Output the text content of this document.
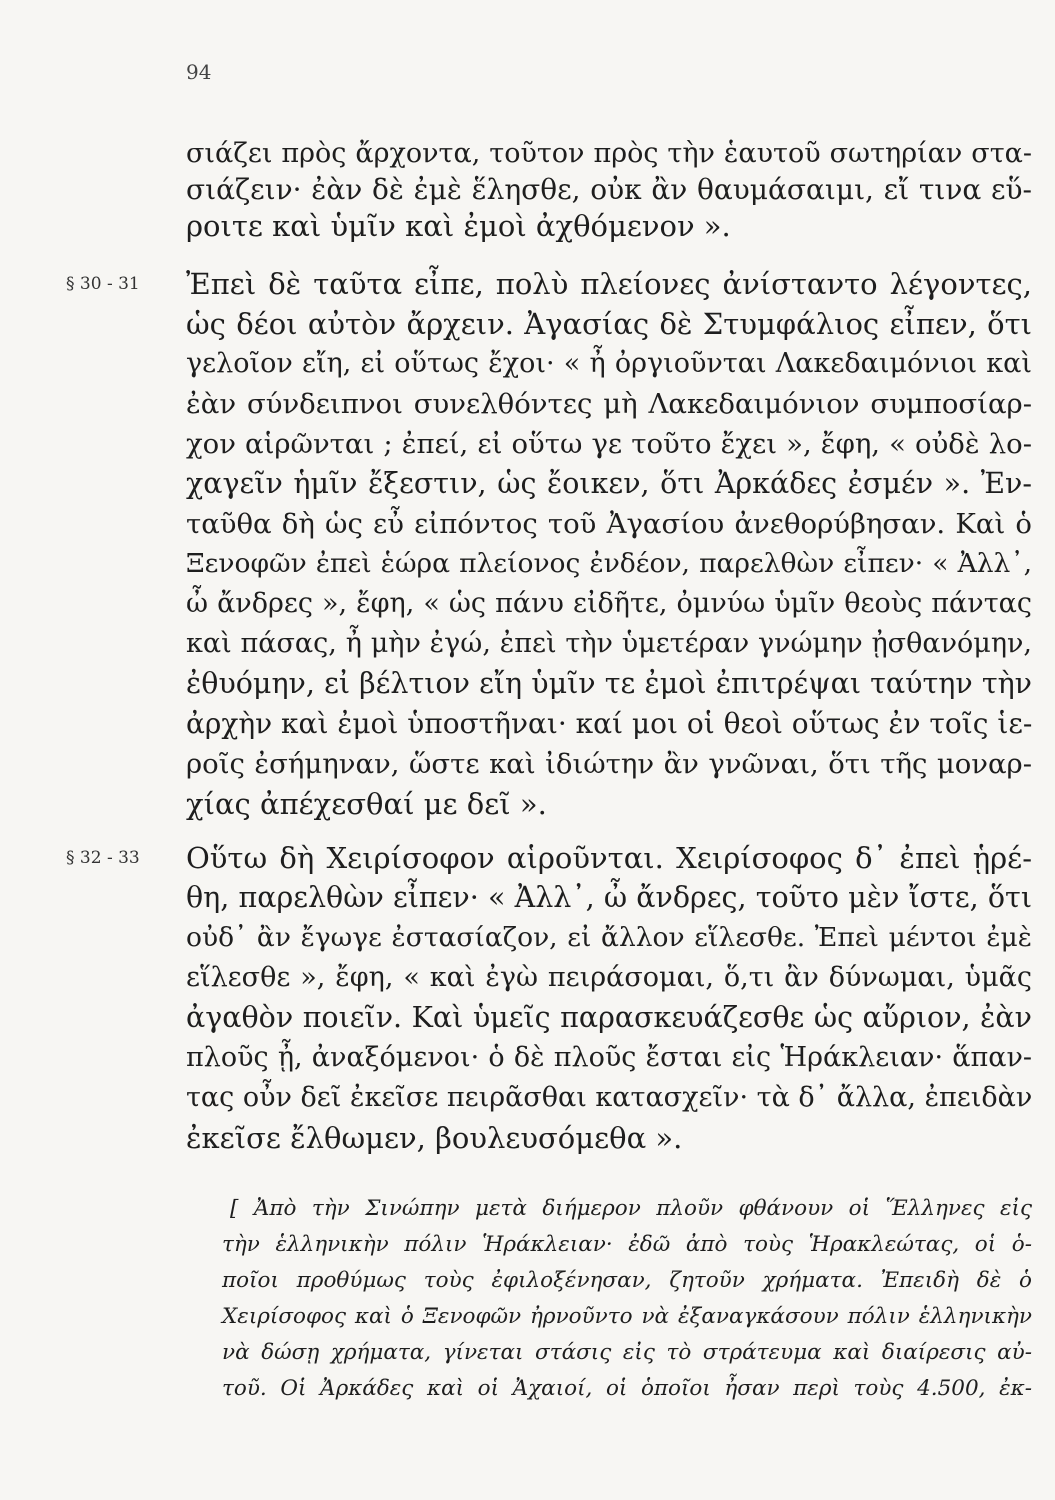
94
σιάζει πρὸς ἄρχοντα, τοῦτον πρὸς τὴν ἑαυτοῦ σωτηρίαν στα-
σιάζειν· ἐὰν δὲ ἐμὲ ἕλησθε, οὐκ ἂν θαυμάσαιμι, εἴ τινα εὕ-
ροιτε καὶ ὑμῖν καὶ ἐμοὶ ἀχθόμενον ».
§ 30 - 31	Ἐπεὶ δὲ ταῦτα εἶπε, πολὺ πλείονες ἀνίσταντο λέγοντες,
ὡς δέοι αὐτὸν ἄρχειν. Ἀγασίας δὲ Στυμφάλιος εἶπεν, ὅτι
γελοῖον εἴη, εἰ οὕτως ἔχοι· « ἦ ὀργιοῦνται Λακεδαιμόνιοι καὶ
ἐὰν σύνδειπνοι συνελθόντες μὴ Λακεδαιμόνιον συμποσίαρ-
χον αἱρῶνται ; ἐπεί, εἰ οὕτω γε τοῦτο ἔχει », ἔφη, « οὐδὲ λο-
χαγεῖν ἡμῖν ἔξεστιν, ὡς ἔοικεν, ὅτι Ἀρκάδες ἐσμέν ». Ἐν-
ταῦθα δὴ ὡς εὖ εἰπόντος τοῦ Ἀγασίου ἀνεθορύβησαν. Καὶ ὁ
Ξενοφῶν ἐπεὶ ἑώρα πλείονος ἐνδέον, παρελθὼν εἶπεν· « Ἀλλ᾽,
ὦ ἄνδρες », ἔφη, « ὡς πάνυ εἰδῆτε, ὀμνύω ὑμῖν θεοὺς πάντας
καὶ πάσας, ἦ μὴν ἐγώ, ἐπεὶ τὴν ὑμετέραν γνώμην ᾐσθανόμην,
ἐθυόμην, εἰ βέλτιον εἴη ὑμῖν τε ἐμοὶ ἐπιτρέψαι ταύτην τὴν
ἀρχὴν καὶ ἐμοὶ ὑποστῆναι· καί μοι οἱ θεοὶ οὕτως ἐν τοῖς ἱε-
ροῖς ἐσήμηναν, ὥστε καὶ ἰδιώτην ἂν γνῶναι, ὅτι τῆς μοναρ-
χίας ἀπέχεσθαί με δεῖ ».
§ 32 - 33	Οὕτω δὴ Χειρίσοφον αἱροῦνται. Χειρίσοφος δ᾽ ἐπεὶ ᾑρέ-
θη, παρελθὼν εἶπεν· « Ἀλλ᾽, ὦ ἄνδρες, τοῦτο μὲν ἴστε, ὅτι
οὐδ᾽ ἂν ἔγωγε ἐστασίαζον, εἰ ἄλλον εἵλεσθε. Ἐπεὶ μέντοι ἐμὲ
εἵλεσθε », ἔφη, « καὶ ἐγὼ πειράσομαι, ὅ,τι ἂν δύνωμαι, ὑμᾶς
ἀγαθὸν ποιεῖν. Καὶ ὑμεῖς παρασκευάζεσθε ὡς αὔριον, ἐὰν
πλοῦς ᾖ, ἀναξόμενοι· ὁ δὲ πλοῦς ἔσται εἰς Ἡράκλειαν· ἅπαν-
τας οὖν δεῖ ἐκεῖσε πειρᾶσθαι κατασχεῖν· τὰ δ᾽ ἄλλα, ἐπειδὰν
ἐκεῖσε ἔλθωμεν, βουλευσόμεθα ».
[ Ἀπὸ τὴν Σινώπην μετὰ διήμερον πλοῦν φθάνουν οἱ Ἕλληνες εἰς
τὴν ἑλληνικὴν πόλιν Ἡράκλειαν· ἐδῶ ἀπὸ τοὺς Ἡρακλεώτας, οἱ ὁ-
ποῖοι προθύμως τοὺς ἐφιλοξένησαν, ζητοῦν χρήματα. Ἐπειδὴ δὲ ὁ
Χειρίσοφος καὶ ὁ Ξενοφῶν ἠρνοῦντο νὰ ἐξαναγκάσουν πόλιν ἑλληνικὴν
νὰ δώσῃ χρήματα, γίνεται στάσις εἰς τὸ στράτευμα καὶ διαίρεσις αὐ-
τοῦ. Οἱ Ἀρκάδες καὶ οἱ Ἀχαιοί, οἱ ὁποῖοι ἦσαν περὶ τοὺς 4.500, ἐκ-
